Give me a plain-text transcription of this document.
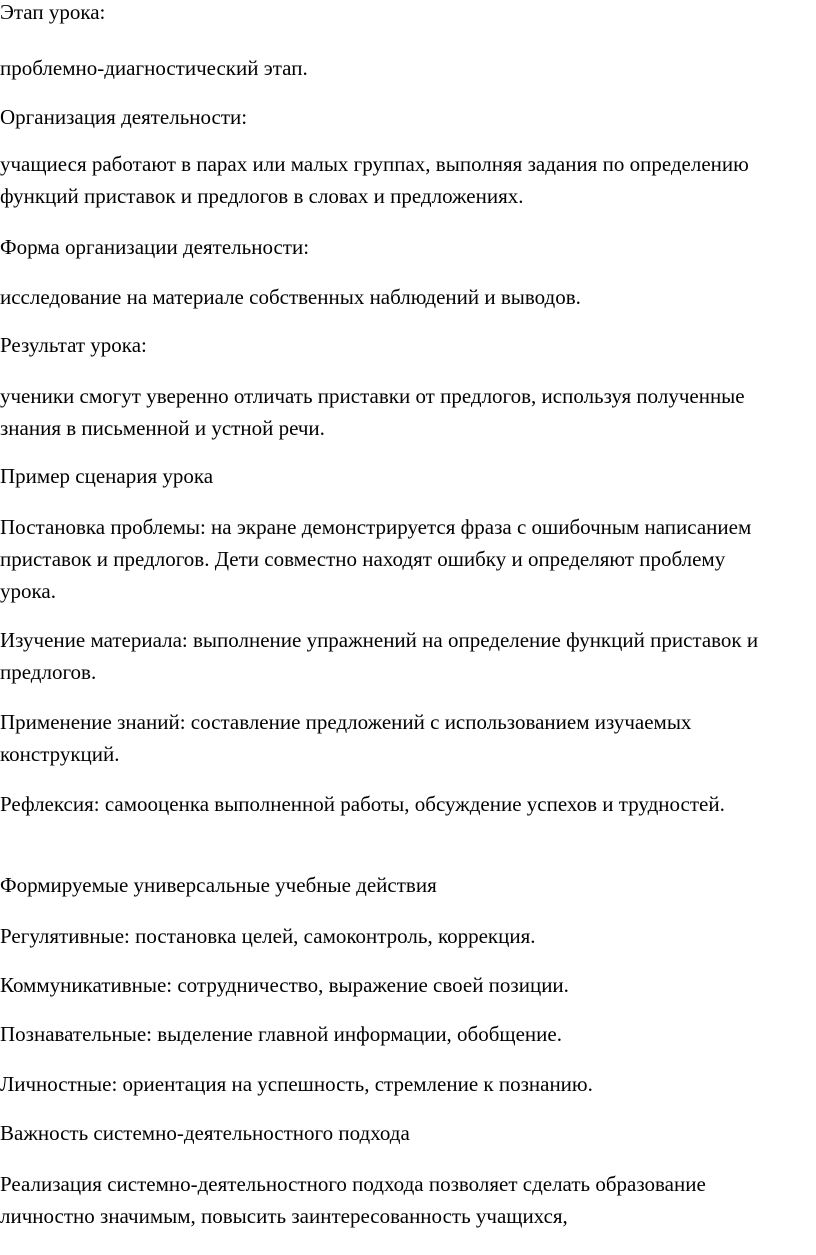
Этап урока:

проблемно-диагностический этап.

Организация деятельности:

учащиеся работают в парах или малых группах, выполняя задания по определению функций приставок и предлогов в словах и предложениях.

Форма организации деятельности:

исследование на материале собственных наблюдений и выводов.

Результат урока:

ученики смогут уверенно отличать приставки от предлогов, используя полученные знания в письменной и устной речи.

Пример сценария урока

Постановка проблемы: на экране демонстрируется фраза с ошибочным написанием приставок и предлогов. Дети совместно находят ошибку и определяют проблему урока.

Изучение материала: выполнение упражнений на определение функций приставок и предлогов.

Применение знаний: составление предложений с использованием изучаемых конструкций.

Рефлексия: самооценка выполненной работы, обсуждение успехов и трудностей.

Формируемые универсальные учебные действия

Регулятивные: постановка целей, самоконтроль, коррекция.

Коммуникативные: сотрудничество, выражение своей позиции.

Познавательные: выделение главной информации, обобщение.

Личностные: ориентация на успешность, стремление к познанию.

Важность системно-деятельностного подхода

Реализация системно-деятельностного подхода позволяет сделать образование личностно значимым, повысить заинтересованность учащихся,
